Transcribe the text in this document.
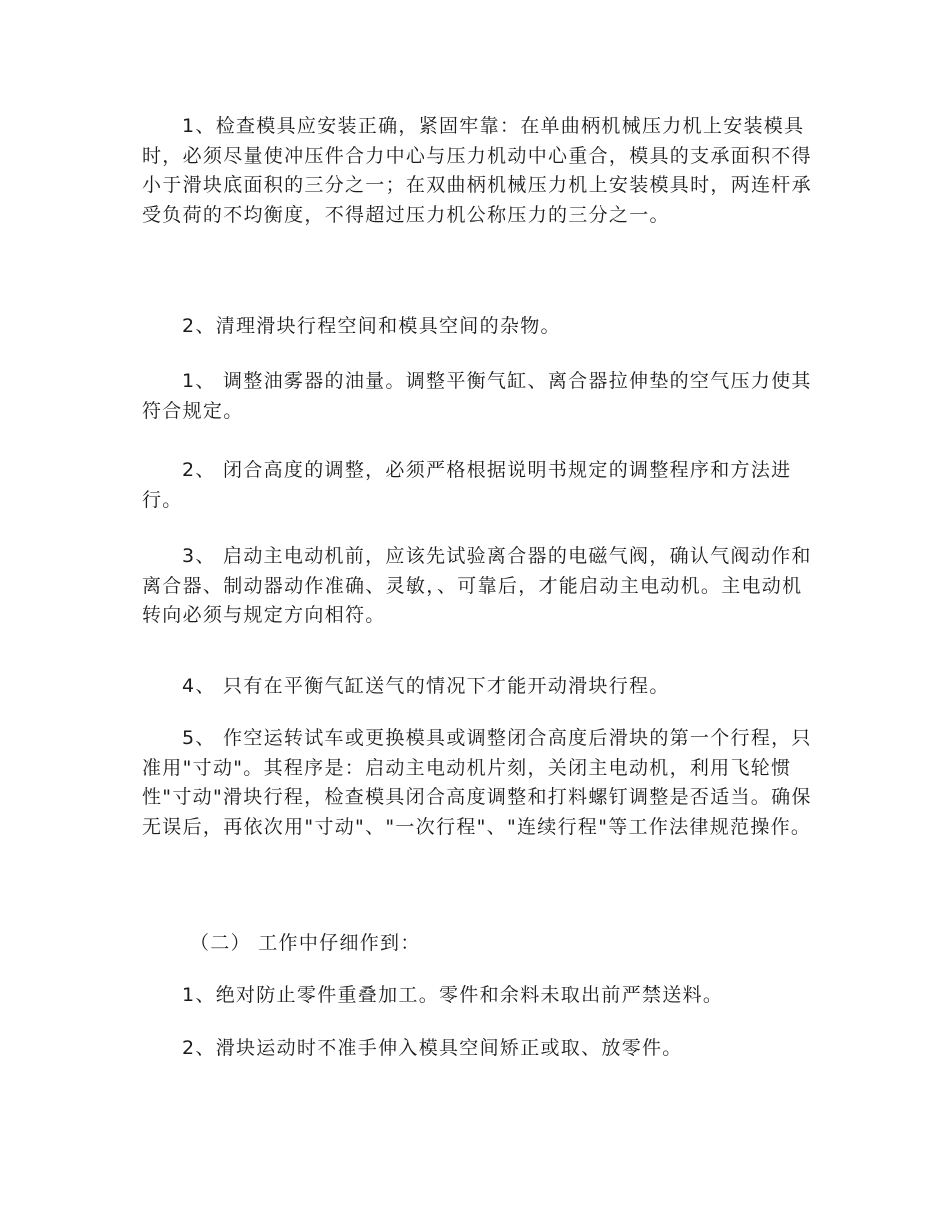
1、检查模具应安装正确，紧固牢靠：在单曲柄机械压力机上安装模具时，必须尽量使冲压件合力中心与压力机动中心重合，模具的支承面积不得小于滑块底面积的三分之一；在双曲柄机械压力机上安装模具时，两连杆承受负荷的不均衡度，不得超过压力机公称压力的三分之一。

2、清理滑块行程空间和模具空间的杂物。

1、 调整油雾器的油量。调整平衡气缸、离合器拉伸垫的空气压力使其符合规定。

2、 闭合高度的调整，必须严格根据说明书规定的调整程序和方法进行。

3、 启动主电动机前，应该先试验离合器的电磁气阀，确认气阀动作和离合器、制动器动作准确、灵敏，、可靠后，才能启动主电动机。主电动机转向必须与规定方向相符。

4、 只有在平衡气缸送气的情况下才能开动滑块行程。

5、 作空运转试车或更换模具或调整闭合高度后滑块的第一个行程，只准用"寸动"。其程序是：启动主电动机片刻，关闭主电动机，利用飞轮惯性"寸动"滑块行程，检查模具闭合高度调整和打料螺钉调整是否适当。确保无误后，再依次用"寸动"、"一次行程"、"连续行程"等工作法律规范操作。

（二） 工作中仔细作到：

1、绝对防止零件重叠加工。零件和余料未取出前严禁送料。

2、滑块运动时不准手伸入模具空间矫正或取、放零件。
